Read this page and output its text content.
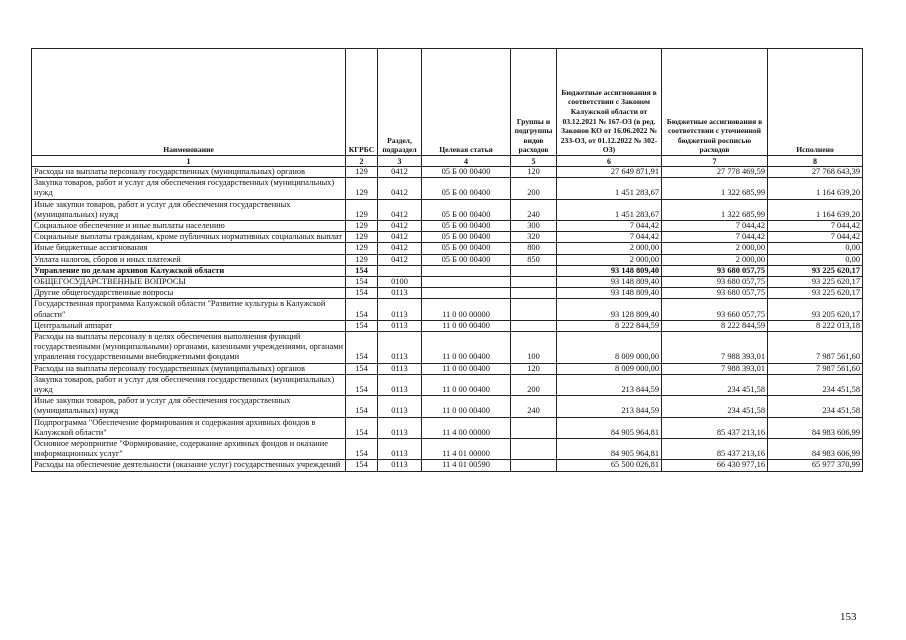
Наименование	КГРБС	Раздел, подраздел	Целевая статья	Группы и подгруппы видов расходов	Бюджетные ассигнования в соответствии с Законом Калужской области от 03.12.2021 № 167-ОЗ (в ред. Законов КО от 16.06.2022 № 233-ОЗ, от 01.12.2022 № 302-ОЗ)	Бюджетные ассигнования в соответствии с уточненной бюджетной росписью расходов	Исполнено
1	2	3	4	5	6	7	8
Расходы на выплаты персоналу государственных (муниципальных) органов	129	0412	05 Б 00 00400	120	27 649 871,91	27 778 469,59	27 768 643,39
Закупка товаров, работ и услуг для обеспечения государственных (муниципальных) нужд	129	0412	05 Б 00 00400	200	1 451 283,67	1 322 685,99	1 164 639,20
Иные закупки товаров, работ и услуг для обеспечения государственных (муниципальных) нужд	129	0412	05 Б 00 00400	240	1 451 283,67	1 322 685,99	1 164 639,20
Социальное обеспечение и иные выплаты населению	129	0412	05 Б 00 00400	300	7 044,42	7 044,42	7 044,42
Социальные выплаты гражданам, кроме публичных нормативных социальных выплат	129	0412	05 Б 00 00400	320	7 044,42	7 044,42	7 044,42
Иные бюджетные ассигнования	129	0412	05 Б 00 00400	800	2 000,00	2 000,00	0,00
Уплата налогов, сборов и иных платежей	129	0412	05 Б 00 00400	850	2 000,00	2 000,00	0,00
Управление по делам архивов Калужской области	154				93 148 809,40	93 680 057,75	93 225 620,17
ОБЩЕГОСУДАРСТВЕННЫЕ ВОПРОСЫ	154	0100			93 148 809,40	93 680 057,75	93 225 620,17
Другие общегосударственные вопросы	154	0113			93 148 809,40	93 680 057,75	93 225 620,17
Государственная программа Калужской области "Развитие культуры в Калужской области"	154	0113	11 0 00 00000		93 128 809,40	93 660 057,75	93 205 620,17
Центральный аппарат	154	0113	11 0 00 00400		8 222 844,59	8 222 844,59	8 222 013,18
Расходы на выплаты персоналу в целях обеспечения выполнения функций государственными (муниципальными) органами, казенными учреждениями, органами управления государственными внебюджетными фондами	154	0113	11 0 00 00400	100	8 009 000,00	7 988 393,01	7 987 561,60
Расходы на выплаты персоналу государственных (муниципальных) органов	154	0113	11 0 00 00400	120	8 009 000,00	7 988 393,01	7 987 561,60
Закупка товаров, работ и услуг для обеспечения государственных (муниципальных) нужд	154	0113	11 0 00 00400	200	213 844,59	234 451,58	234 451,58
Иные закупки товаров, работ и услуг для обеспечения государственных (муниципальных) нужд	154	0113	11 0 00 00400	240	213 844,59	234 451,58	234 451,58
Подпрограмма "Обеспечение формирования и содержания архивных фондов в Калужской области"	154	0113	11 4 00 00000		84 905 964,81	85 437 213,16	84 983 606,99
Основное мероприятие "Формирование, содержание архивных фондов и оказание информационных услуг"	154	0113	11 4 01 00000		84 905 964,81	85 437 213,16	84 983 606,99
Расходы на обеспечение деятельности (оказание услуг) государственных учреждений	154	0113	11 4 01 00590		65 500 026,81	66 430 977,16	65 977 370,99
153
